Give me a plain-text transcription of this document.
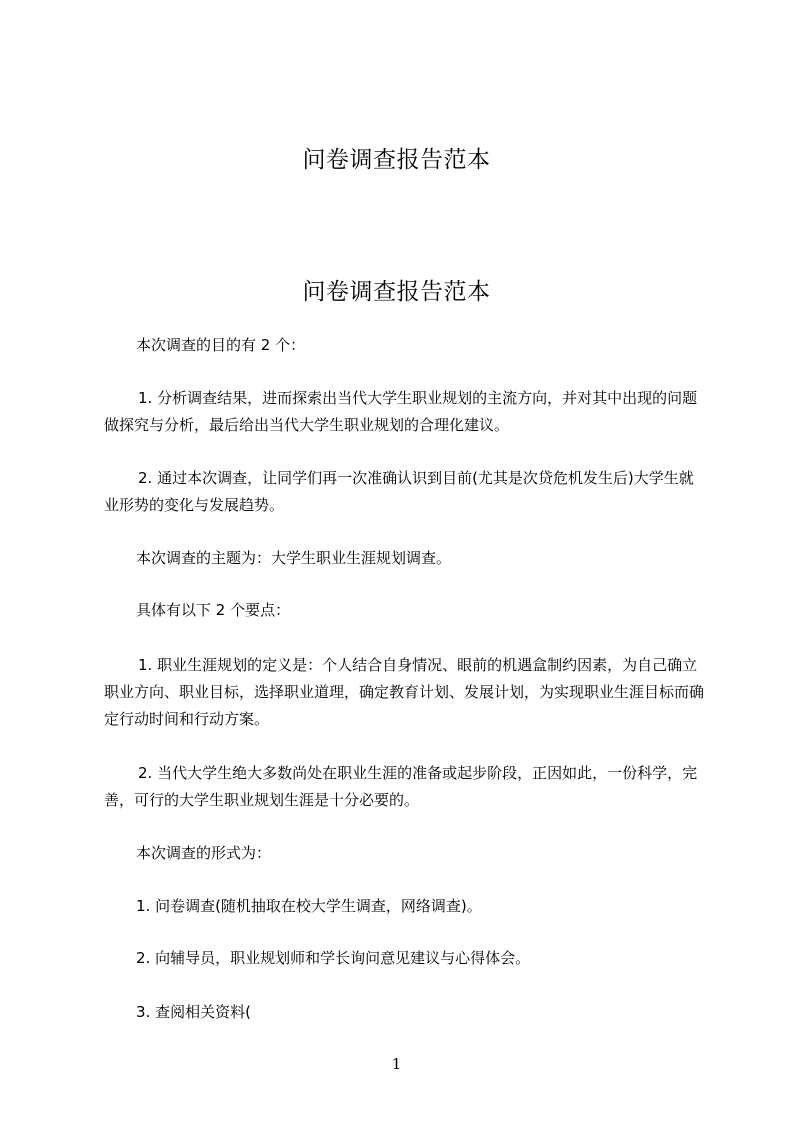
问卷调查报告范本
问卷调查报告范本

本次调查的目的有 2 个：

1. 分析调查结果，进而探索出当代大学生职业规划的主流方向，并对其中出现的问题做探究与分析，最后给出当代大学生职业规划的合理化建议。

2. 通过本次调查，让同学们再一次准确认识到目前(尤其是次贷危机发生后)大学生就业形势的变化与发展趋势。

本次调查的主题为：大学生职业生涯规划调查。

具体有以下 2 个要点：

1. 职业生涯规划的定义是：个人结合自身情况、眼前的机遇盒制约因素，为自己确立职业方向、职业目标，选择职业道理，确定教育计划、发展计划，为实现职业生涯目标而确定行动时间和行动方案。

2. 当代大学生绝大多数尚处在职业生涯的准备或起步阶段，正因如此，一份科学，完善，可行的大学生职业规划生涯是十分必要的。

本次调查的形式为：

1. 问卷调查(随机抽取在校大学生调查，网络调查)。

2. 向辅导员，职业规划师和学长询问意见建议与心得体会。

3. 查阅相关资料(

1
